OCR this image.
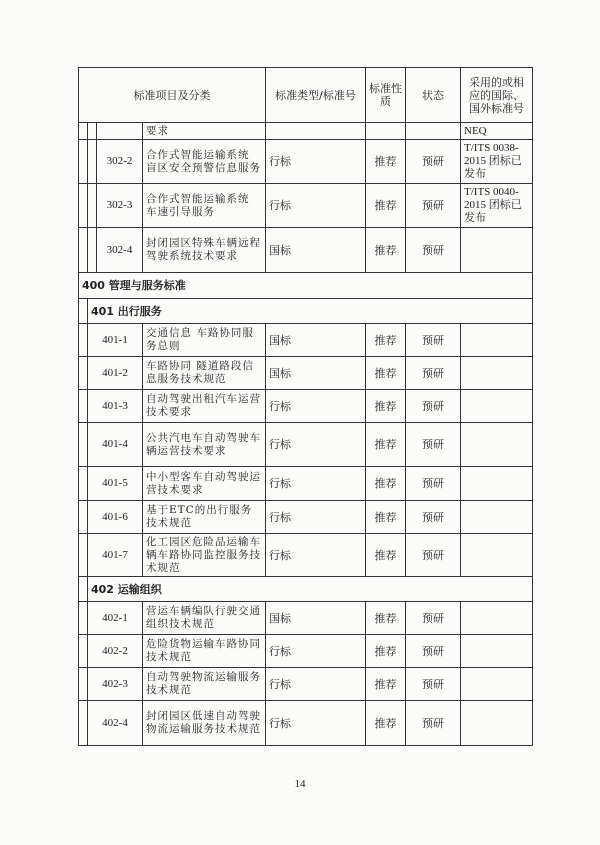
标准项目及分类				标准类型/标准号	标准性质	状态	采用的或相应的国际、国外标准号
			要求				NEQ
		302-2	合作式智能运输系统 盲区安全预警信息服务	行标	推荐	预研	T/ITS 0038-2015 团标已发布
		302-3	合作式智能运输系统 车速引导服务	行标	推荐	预研	T/ITS 0040-2015 团标已发布
		302-4	封闭园区特殊车辆远程驾驶系统技术要求	国标	推荐	预研	
400 管理与服务标准							
	401 出行服务						
	401-1		交通信息 车路协同服务总则	国标	推荐	预研	
	401-2		车路协同 隧道路段信息服务技术规范	国标	推荐	预研	
	401-3		自动驾驶出租汽车运营技术要求	行标	推荐	预研	
	401-4		公共汽电车自动驾驶车辆运营技术要求	行标	推荐	预研	
	401-5		中小型客车自动驾驶运营技术要求	行标	推荐	预研	
	401-6		基于ETC的出行服务技术规范	行标	推荐	预研	
	401-7		化工园区危险品运输车辆车路协同监控服务技术规范	行标	推荐	预研	
	402 运输组织						
	402-1		营运车辆编队行驶交通组织技术规范	国标	推荐	预研	
	402-2		危险货物运输车路协同技术规范	行标	推荐	预研	
	402-3		自动驾驶物流运输服务技术规范	行标	推荐	预研	
	402-4		封闭园区低速自动驾驶物流运输服务技术规范	行标	推荐	预研	
14
